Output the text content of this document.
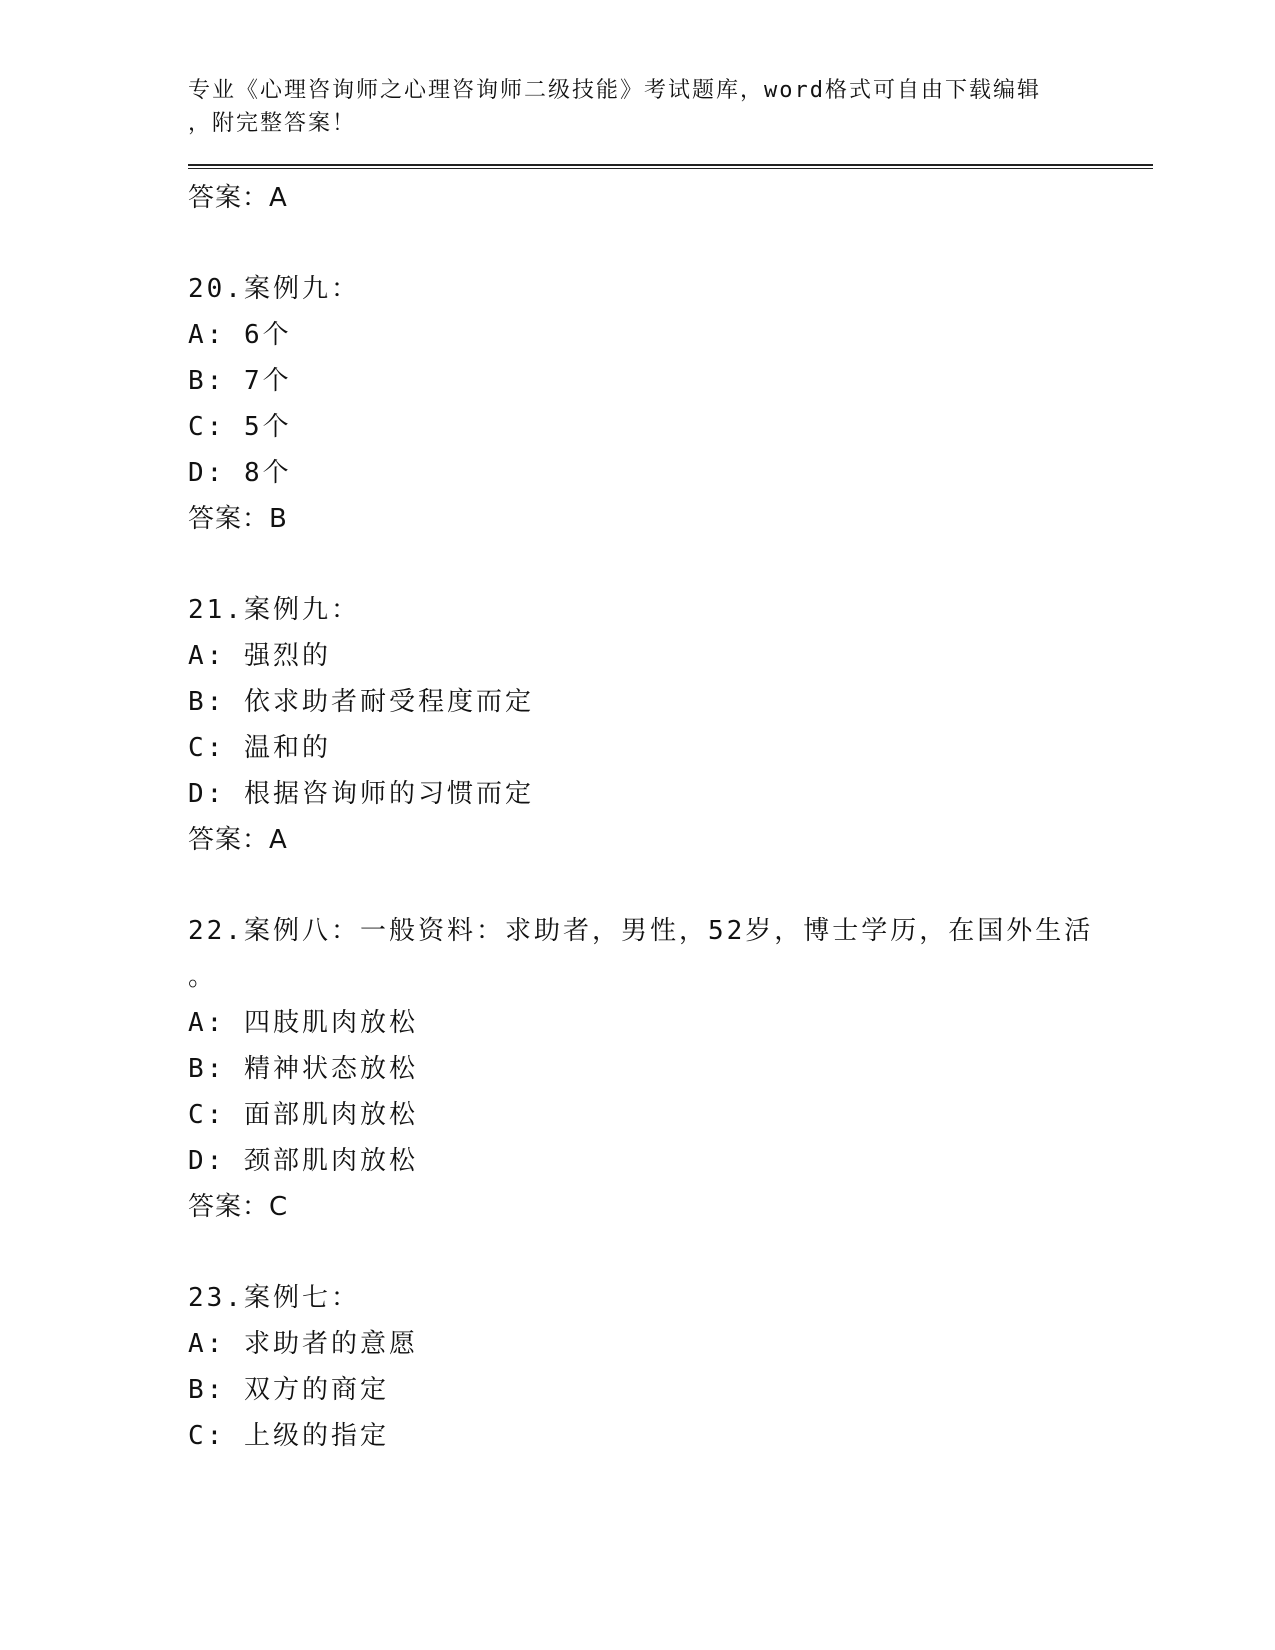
专业《心理咨询师之心理咨询师二级技能》考试题库，word格式可自由下载编辑
，附完整答案！
答案：A
20.案例九：
A: 6个
B: 7个
C: 5个
D: 8个
答案：B
21.案例九：
A: 强烈的
B: 依求助者耐受程度而定
C: 温和的
D: 根据咨询师的习惯而定
答案：A
22.案例八：一般资料：求助者，男性，52岁，博士学历，在国外生活
。
A: 四肢肌肉放松
B: 精神状态放松
C: 面部肌肉放松
D: 颈部肌肉放松
答案：C
23.案例七：
A: 求助者的意愿
B: 双方的商定
C: 上级的指定
